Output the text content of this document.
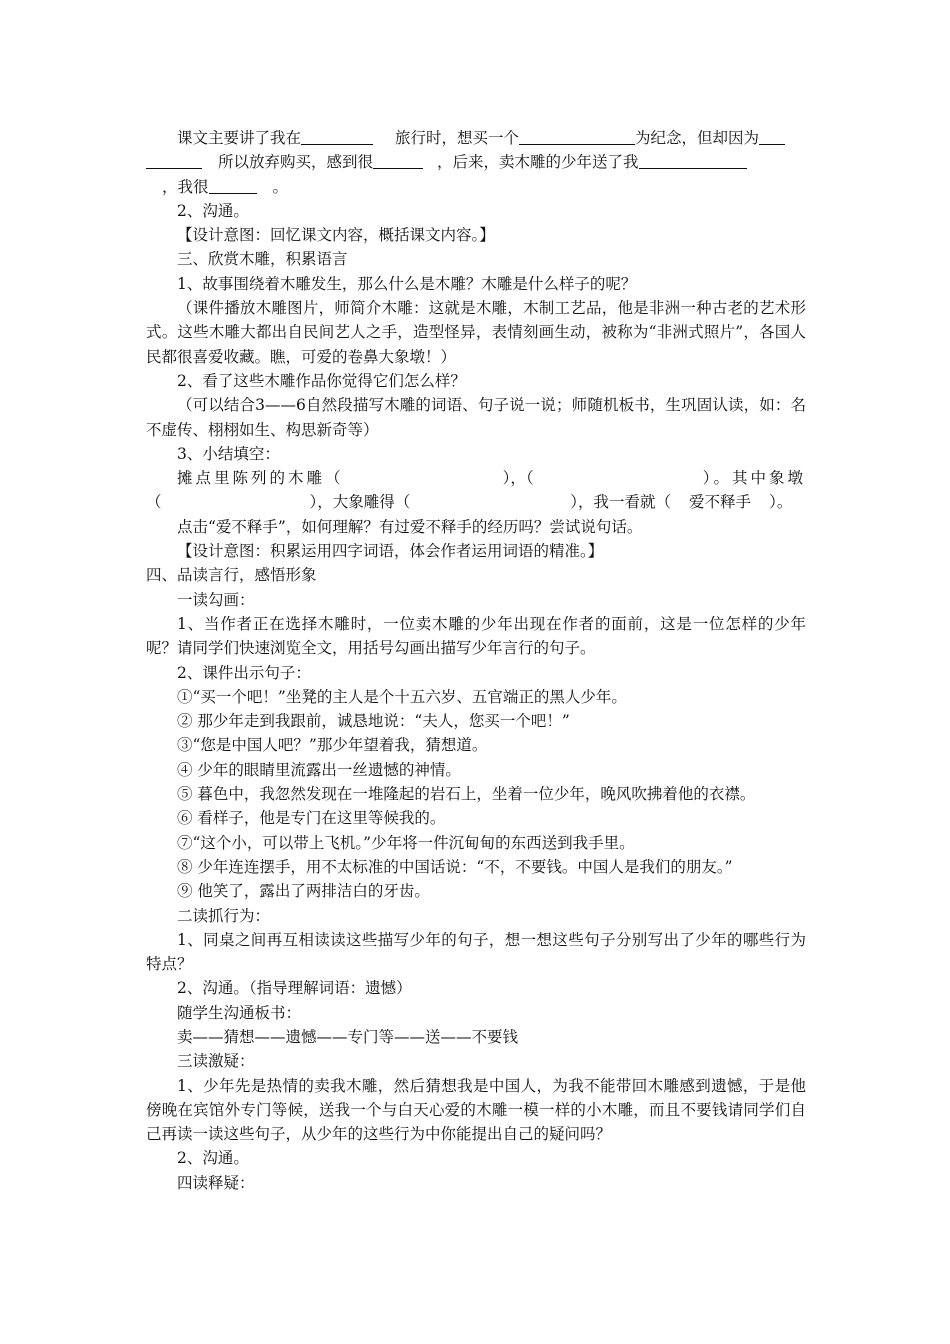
课文主要讲了我在	旅行时，想买一个	为纪念，但却因为
所以放弃购买，感到很	，后来，卖木雕的少年送了我
，我很	。

2、沟通。

【设计意图：回忆课文内容，概括课文内容。】

三、欣赏木雕，积累语言

1、故事围绕着木雕发生，那么什么是木雕？木雕是什么样子的呢？

（课件播放木雕图片，师简介木雕：这就是木雕，木制工艺品，他是非洲一种古老的艺术形式。这些木雕大都出自民间艺人之手，造型怪异，表情刻画生动，被称为“非洲式照片”，各国人民都很喜爱收藏。瞧，可爱的卷鼻大象墩！）

2、看了这些木雕作品你觉得它们怎么样？

（可以结合3——6自然段描写木雕的词语、句子说一说；师随机板书，生巩固认读，如：名不虚传、栩栩如生、构思新奇等）

3、小结填空：

摊点里陈列的木雕（	），（	）。其中象墩

（	），大象雕得（	），我一看就（ 爱不释手 ）。

点击“爱不释手”，如何理解？有过爱不释手的经历吗？尝试说句话。

【设计意图：积累运用四字词语，体会作者运用词语的精准。】

四、品读言行，感悟形象

一读勾画：

1、当作者正在选择木雕时，一位卖木雕的少年出现在作者的面前，这是一位怎样的少年呢？请同学们快速浏览全文，用括号勾画出描写少年言行的句子。

2、课件出示句子：

①“买一个吧！”坐凳的主人是个十五六岁、五官端正的黑人少年。

② 那少年走到我跟前，诚恳地说：“夫人，您买一个吧！”

③“您是中国人吧？”那少年望着我，猜想道。

④ 少年的眼睛里流露出一丝遗憾的神情。

⑤ 暮色中，我忽然发现在一堆隆起的岩石上，坐着一位少年，晚风吹拂着他的衣襟。

⑥ 看样子，他是专门在这里等候我的。

⑦“这个小，可以带上飞机。”少年将一件沉甸甸的东西送到我手里。

⑧ 少年连连摆手，用不太标准的中国话说：“不，不要钱。中国人是我们的朋友。”

⑨ 他笑了，露出了两排洁白的牙齿。

二读抓行为：

1、同桌之间再互相读读这些描写少年的句子，想一想这些句子分别写出了少年的哪些行为特点？

2、沟通。（指导理解词语：遗憾）

随学生沟通板书：

卖——猜想——遗憾——专门等——送——不要钱

三读激疑：

1、少年先是热情的卖我木雕，然后猜想我是中国人，为我不能带回木雕感到遗憾，于是他傍晚在宾馆外专门等候，送我一个与白天心爱的木雕一模一样的小木雕，而且不要钱请同学们自己再读一读这些句子，从少年的这些行为中你能提出自己的疑问吗？

2、沟通。

四读释疑：
